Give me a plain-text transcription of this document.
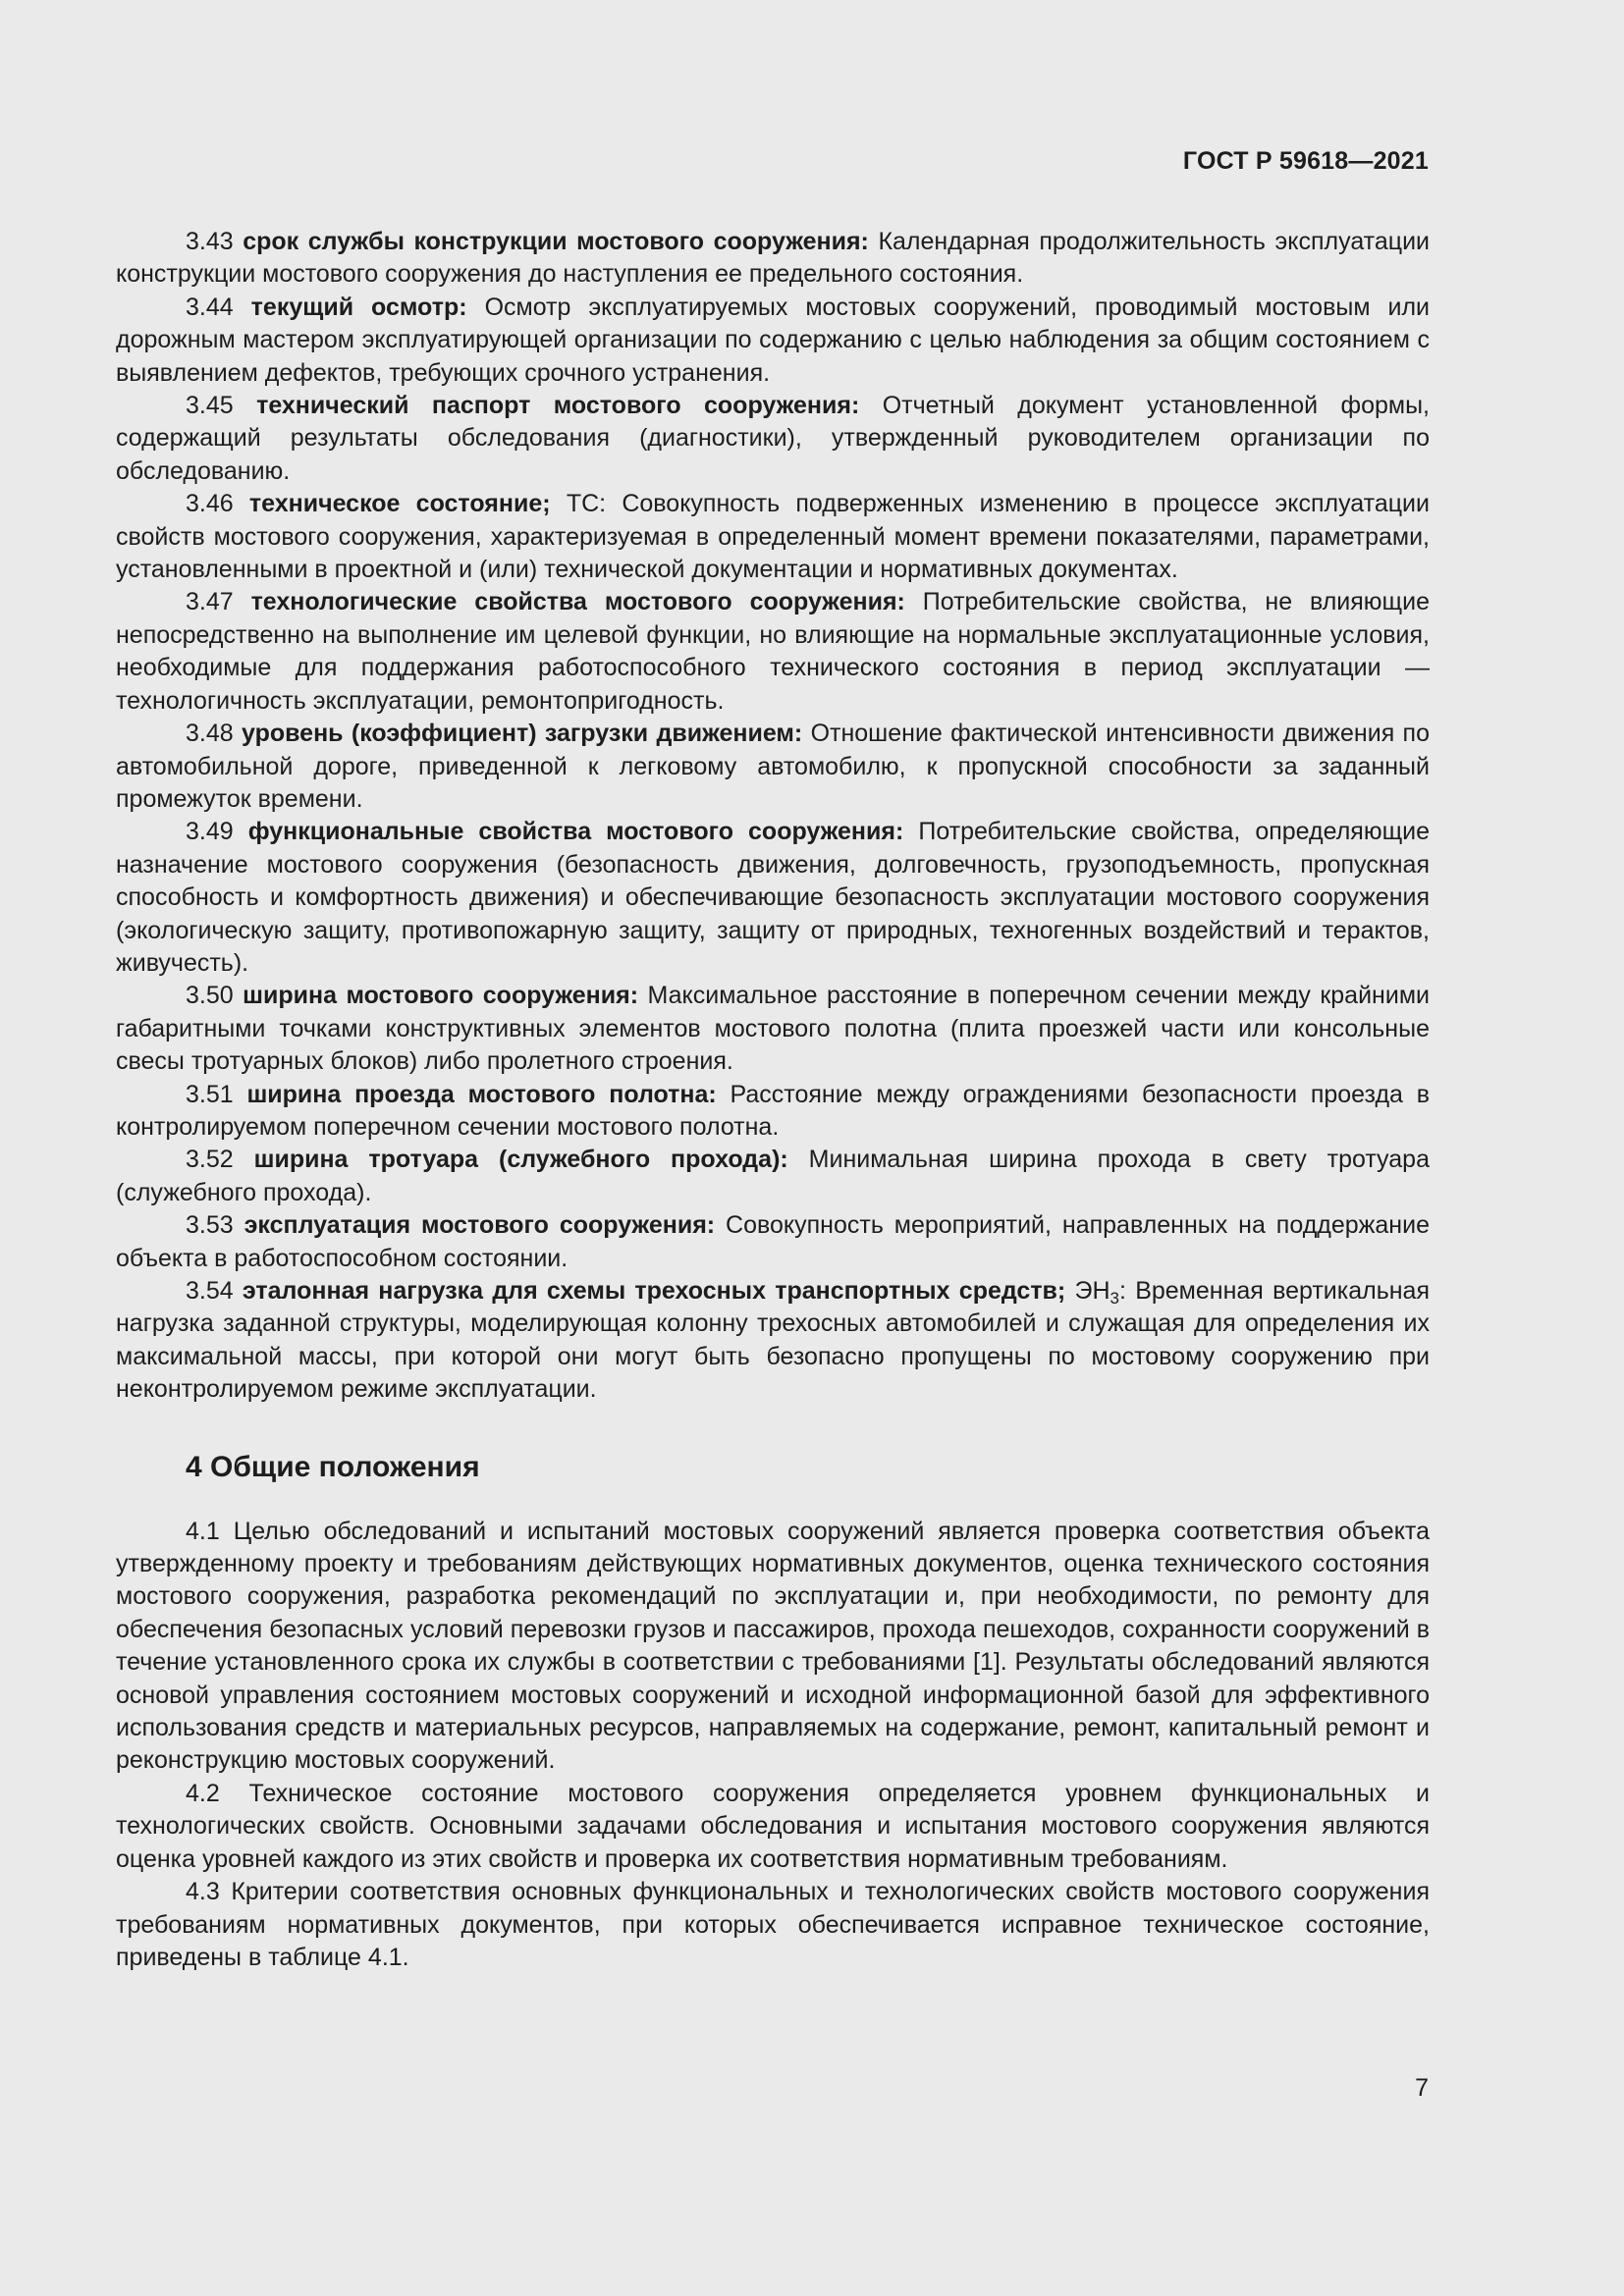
ГОСТ Р 59618—2021

3.43 срок службы конструкции мостового сооружения: Календарная продолжительность эксплуатации конструкции мостового сооружения до наступления ее предельного состояния.

3.44 текущий осмотр: Осмотр эксплуатируемых мостовых сооружений, проводимый мостовым или дорожным мастером эксплуатирующей организации по содержанию с целью наблюдения за общим состоянием с выявлением дефектов, требующих срочного устранения.

3.45 технический паспорт мостового сооружения: Отчетный документ установленной формы, содержащий результаты обследования (диагностики), утвержденный руководителем организации по обследованию.

3.46 техническое состояние; ТС: Совокупность подверженных изменению в процессе эксплуатации свойств мостового сооружения, характеризуемая в определенный момент времени показателями, параметрами, установленными в проектной и (или) технической документации и нормативных документах.

3.47 технологические свойства мостового сооружения: Потребительские свойства, не влияющие непосредственно на выполнение им целевой функции, но влияющие на нормальные эксплуатационные условия, необходимые для поддержания работоспособного технического состояния в период эксплуатации — технологичность эксплуатации, ремонтопригодность.

3.48 уровень (коэффициент) загрузки движением: Отношение фактической интенсивности движения по автомобильной дороге, приведенной к легковому автомобилю, к пропускной способности за заданный промежуток времени.

3.49 функциональные свойства мостового сооружения: Потребительские свойства, определяющие назначение мостового сооружения (безопасность движения, долговечность, грузоподъемность, пропускная способность и комфортность движения) и обеспечивающие безопасность эксплуатации мостового сооружения (экологическую защиту, противопожарную защиту, защиту от природных, техногенных воздействий и терактов, живучесть).

3.50 ширина мостового сооружения: Максимальное расстояние в поперечном сечении между крайними габаритными точками конструктивных элементов мостового полотна (плита проезжей части или консольные свесы тротуарных блоков) либо пролетного строения.

3.51 ширина проезда мостового полотна: Расстояние между ограждениями безопасности проезда в контролируемом поперечном сечении мостового полотна.

3.52 ширина тротуара (служебного прохода): Минимальная ширина прохода в свету тротуара (служебного прохода).

3.53 эксплуатация мостового сооружения: Совокупность мероприятий, направленных на поддержание объекта в работоспособном состоянии.

3.54 эталонная нагрузка для схемы трехосных транспортных средств; $ЭН_3$: Временная вертикальная нагрузка заданной структуры, моделирующая колонну трехосных автомобилей и служащая для определения их максимальной массы, при которой они могут быть безопасно пропущены по мостовому сооружению при неконтролируемом режиме эксплуатации.

4 Общие положения

4.1 Целью обследований и испытаний мостовых сооружений является проверка соответствия объекта утвержденному проекту и требованиям действующих нормативных документов, оценка технического состояния мостового сооружения, разработка рекомендаций по эксплуатации и, при необходимости, по ремонту для обеспечения безопасных условий перевозки грузов и пассажиров, прохода пешеходов, сохранности сооружений в течение установленного срока их службы в соответствии с требованиями [1]. Результаты обследований являются основой управления состоянием мостовых сооружений и исходной информационной базой для эффективного использования средств и материальных ресурсов, направляемых на содержание, ремонт, капитальный ремонт и реконструкцию мостовых сооружений.

4.2 Техническое состояние мостового сооружения определяется уровнем функциональных и технологических свойств. Основными задачами обследования и испытания мостового сооружения являются оценка уровней каждого из этих свойств и проверка их соответствия нормативным требованиям.

4.3 Критерии соответствия основных функциональных и технологических свойств мостового сооружения требованиям нормативных документов, при которых обеспечивается исправное техническое состояние, приведены в таблице 4.1.

7
